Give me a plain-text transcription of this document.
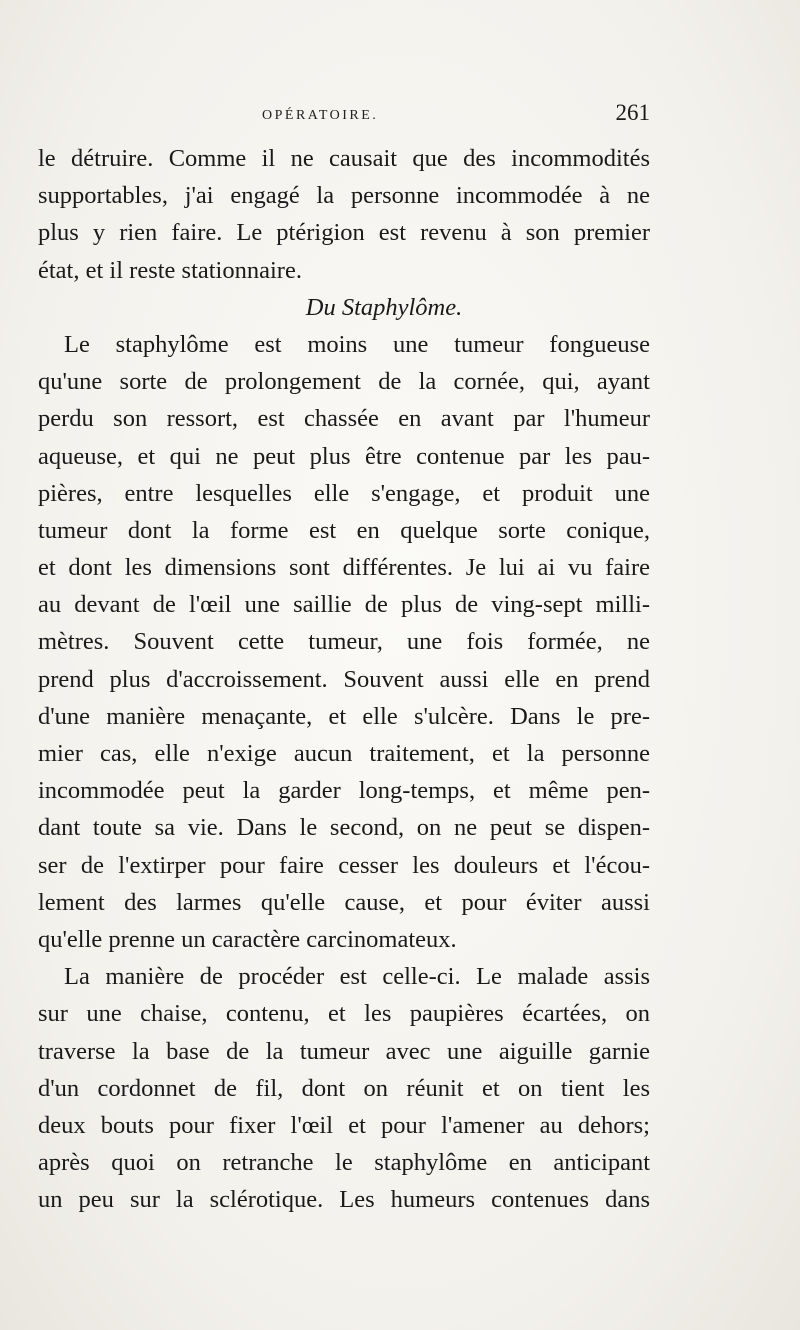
OPÉRATOIRE.	261
le détruire. Comme il ne causait que des incommodités
supportables, j'ai engagé la personne incommodée à ne
plus y rien faire. Le ptérigion est revenu à son premier
état, et il reste stationnaire.
Du Staphylôme.
Le staphylôme est moins une tumeur fongueuse
qu'une sorte de prolongement de la cornée, qui, ayant
perdu son ressort, est chassée en avant par l'humeur
aqueuse, et qui ne peut plus être contenue par les pau-
pières, entre lesquelles elle s'engage, et produit une
tumeur dont la forme est en quelque sorte conique,
et dont les dimensions sont différentes. Je lui ai vu faire
au devant de l'œil une saillie de plus de ving-sept milli-
mètres. Souvent cette tumeur, une fois formée, ne
prend plus d'accroissement. Souvent aussi elle en prend
d'une manière menaçante, et elle s'ulcère. Dans le pre-
mier cas, elle n'exige aucun traitement, et la personne
incommodée peut la garder long-temps, et même pen-
dant toute sa vie. Dans le second, on ne peut se dispen-
ser de l'extirper pour faire cesser les douleurs et l'écou-
lement des larmes qu'elle cause, et pour éviter aussi
qu'elle prenne un caractère carcinomateux.
La manière de procéder est celle-ci. Le malade assis
sur une chaise, contenu, et les paupières écartées, on
traverse la base de la tumeur avec une aiguille garnie
d'un cordonnet de fil, dont on réunit et on tient les
deux bouts pour fixer l'œil et pour l'amener au dehors;
après quoi on retranche le staphylôme en anticipant
un peu sur la sclérotique. Les humeurs contenues dans
